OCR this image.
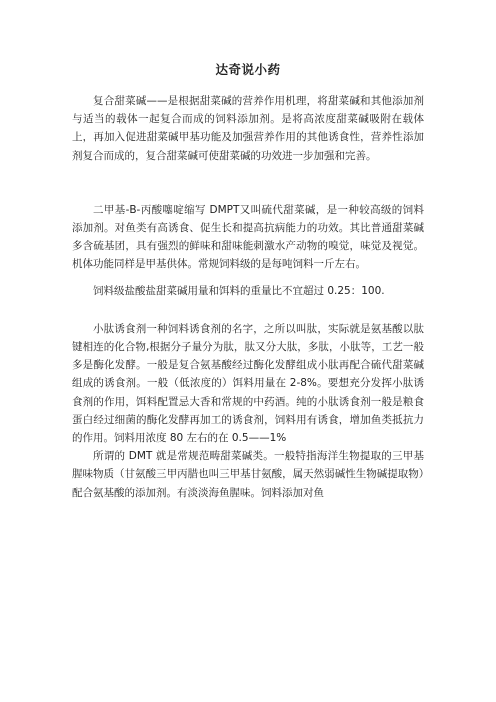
达奇说小药

复合甜菜碱——是根据甜菜碱的营养作用机理，将甜菜碱和其他添加剂与适当的载体一起复合而成的饲料添加剂。是将高浓度甜菜碱吸附在载体上，再加入促进甜菜碱甲基功能及加强营养作用的其他诱食性，营养性添加剂复合而成的，复合甜菜碱可使甜菜碱的功效进一步加强和完善。

二甲基-Β-丙酸噻啶缩写 DMPT又叫硫代甜菜碱，是一种较高级的饲料添加剂。对鱼类有高诱食、促生长和提高抗病能力的功效。其比普通甜菜碱多含硫基团，具有强烈的鲜味和甜味能刺激水产动物的嗅觉，味觉及视觉。机体功能同样是甲基供体。常规饲料级的是每吨饲料一斤左右。

饲料级盐酸盐甜菜碱用量和饵料的重量比不宜超过 0.25：100.

小肽诱食剂一种饲料诱食剂的名字，之所以叫肽，实际就是氨基酸以肽键相连的化合物,根据分子量分为肽，肽又分大肽，多肽，小肽等，工艺一般多是酶化发酵。一般是复合氨基酸经过酶化发酵组成小肽再配合硫代甜菜碱组成的诱食剂。一般（低浓度的）饵料用量在 2-8%。要想充分发挥小肽诱食剂的作用，饵料配置忌大香和常规的中药酒。纯的小肽诱食剂一般是粮食蛋白经过细菌的酶化发酵再加工的诱食剂，饲料用有诱食，增加鱼类抵抗力的作用。饲料用浓度 80 左右的在 0.5——1%

所谓的 DMT 就是常规范畴甜菜碱类。一般特指海洋生物提取的三甲基腥味物质（甘氨酸三甲丙腊也叫三甲基甘氨酸，属天然弱碱性生物碱提取物）配合氨基酸的添加剂。有淡淡海鱼腥味。饲料添加对鱼
